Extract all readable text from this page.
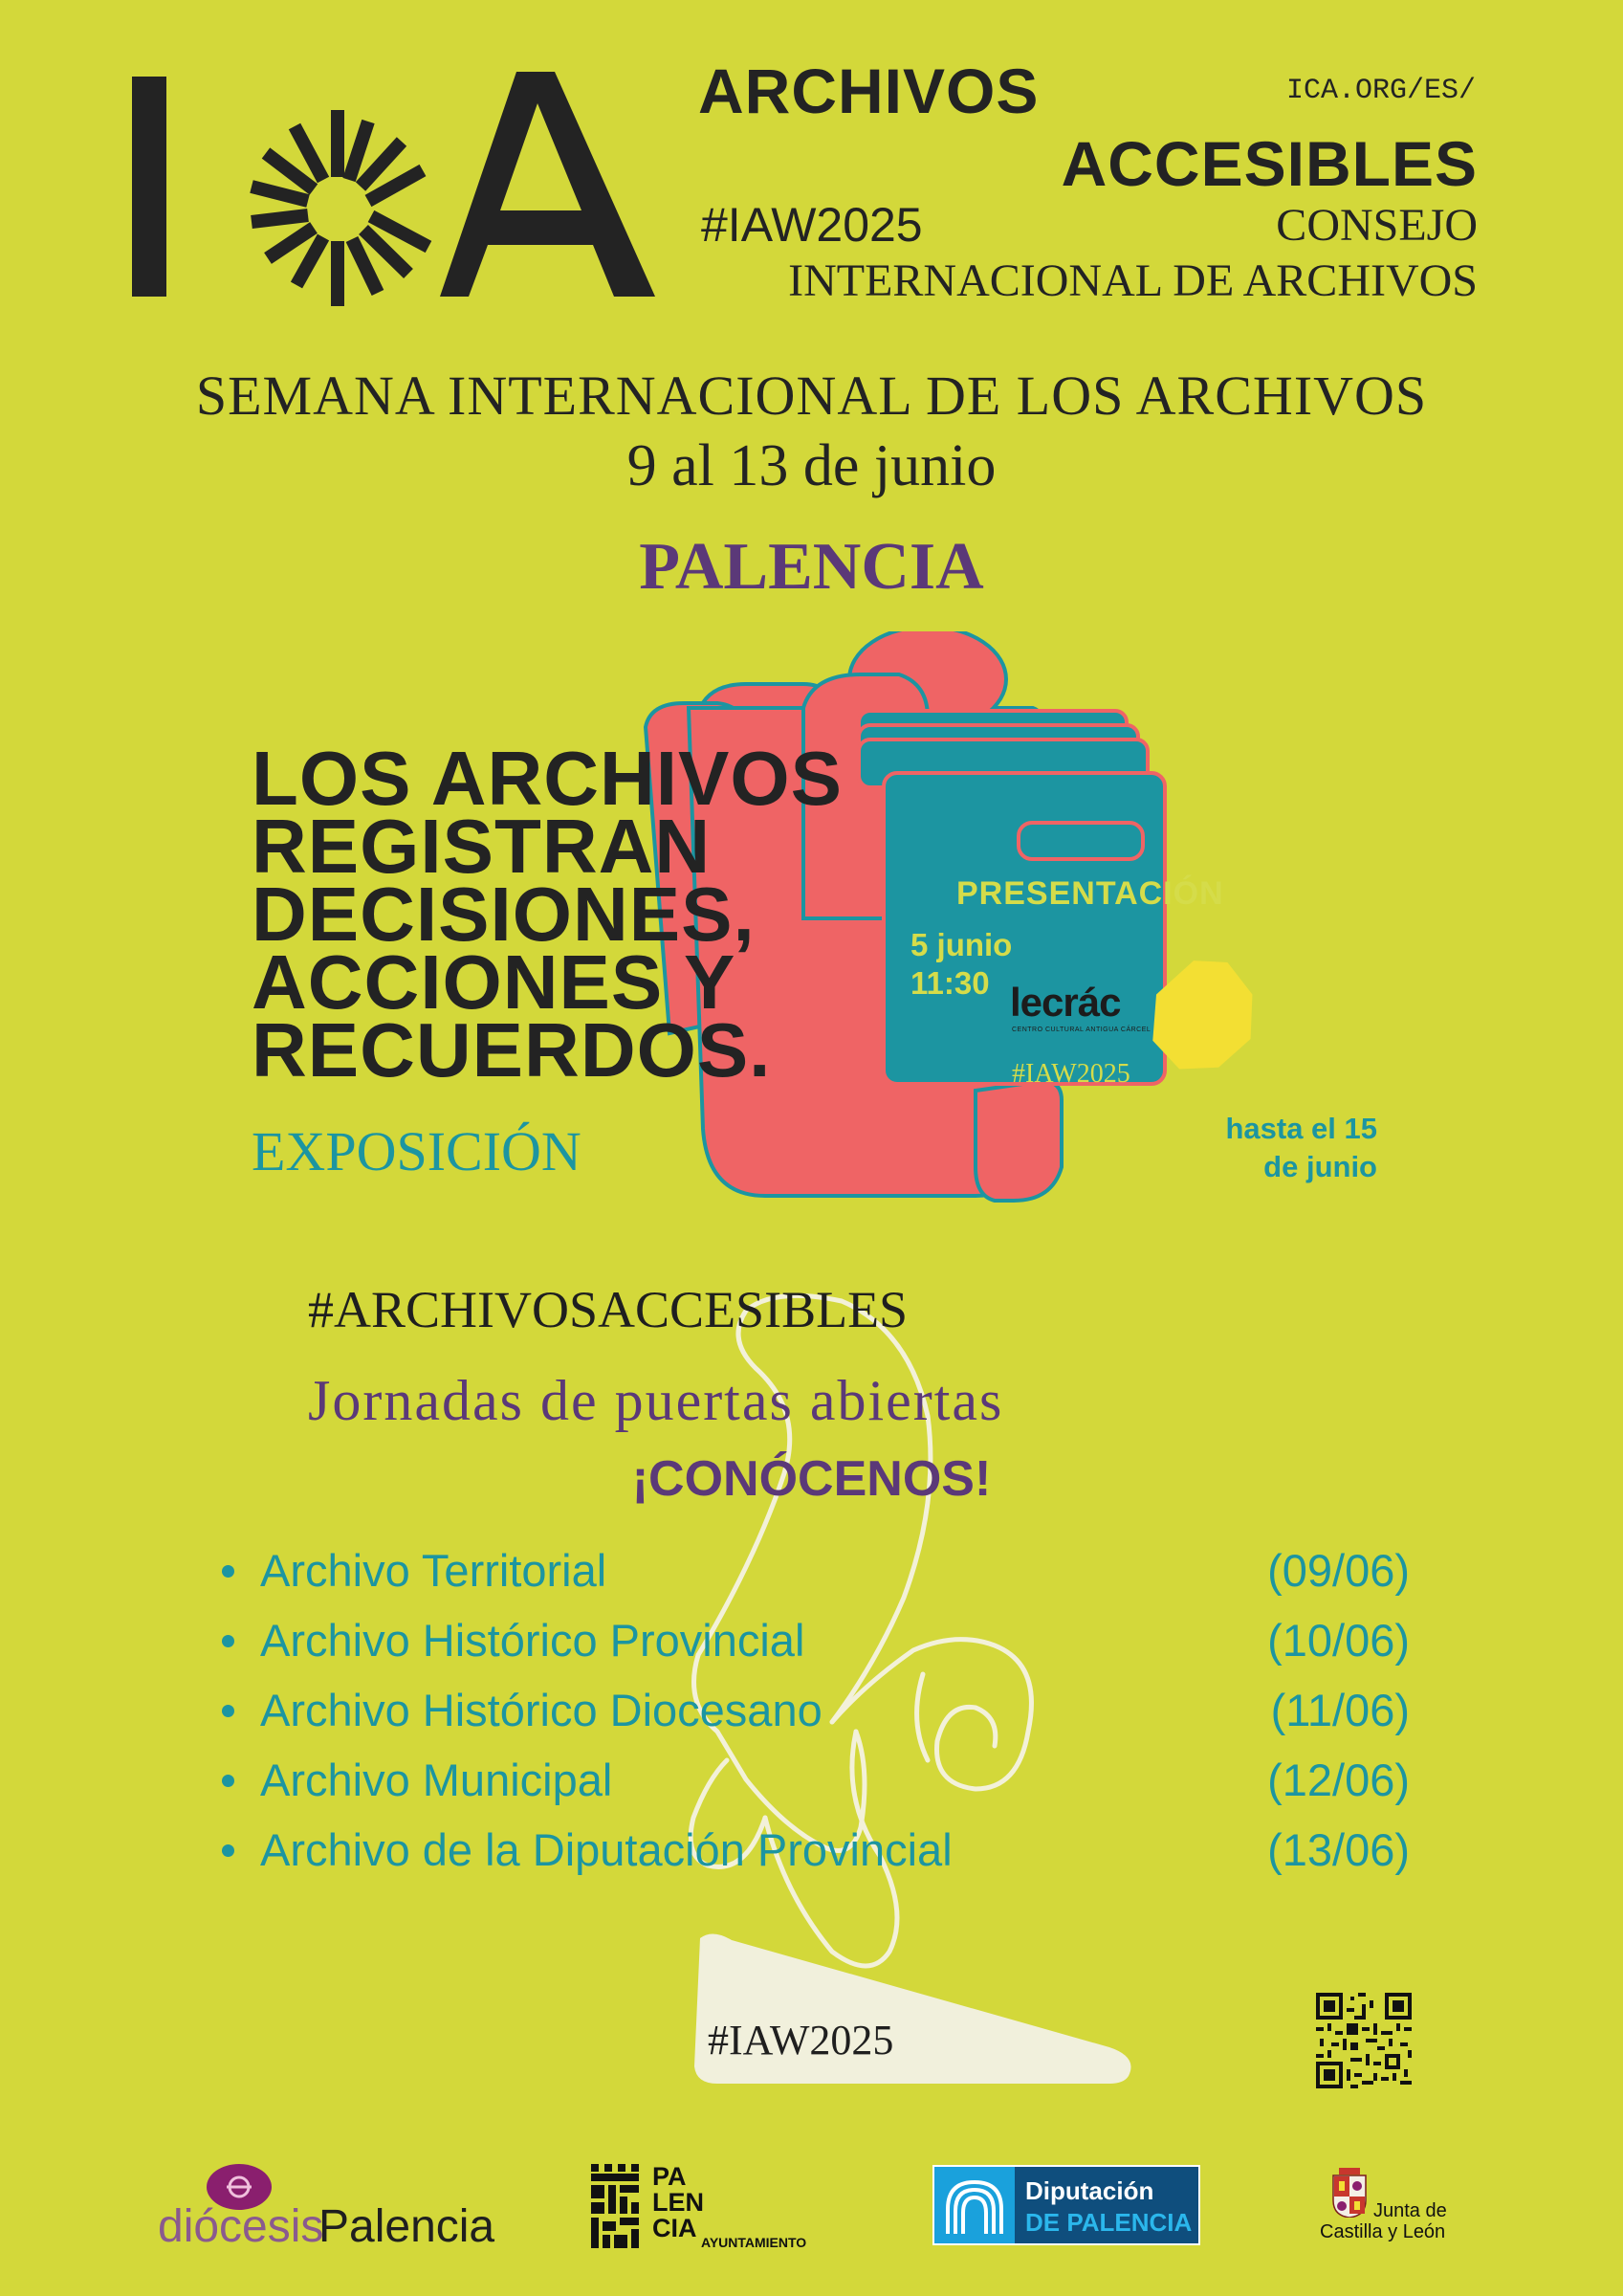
ARCHIVOS
ACCESIBLES
ICA.ORG/ES/
#IAW2025	CONSEJO
INTERNACIONAL DE ARCHIVOS
SEMANA INTERNACIONAL DE LOS ARCHIVOS
9 al 13 de junio
PALENCIA
LOS ARCHIVOS
REGISTRAN
DECISIONES,
ACCIONES Y
RECUERDOS.
EXPOSICIÓN
PRESENTACIÓN
5 junio
11:30 lecrác
CENTRO CULTURAL ANTIGUA CÁRCEL
#IAW2025
hasta el 15
de junio
#ARCHIVOSACCESIBLES
Jornadas de puertas abiertas
¡CONÓCENOS!
Archivo Territorial	(09/06)
Archivo Histórico Provincial	(10/06)
Archivo Histórico Diocesano	(11/06)
Archivo Municipal	(12/06)
Archivo de la Diputación Provincial	(13/06)
#IAW2025
diócesis
Palencia
PA
LEN
CIA AYUNTAMIENTO
Diputación
DE PALENCIA	Junta de
Castilla y León
